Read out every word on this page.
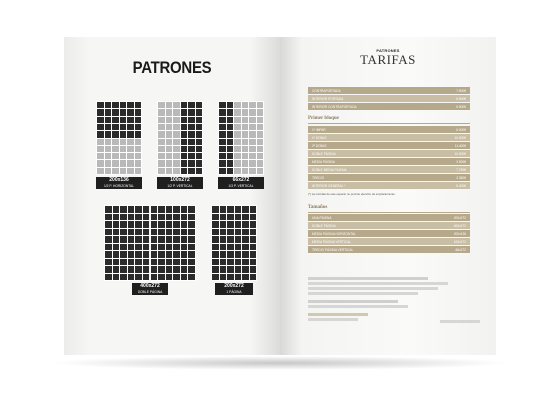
PATRONES
200x136
1/2 P. HORIZONTAL
100x272
1/2 P. VERTICAL
66x272
1/3 P. VERTICAL
400x272
DOBLE PÁGINA
200x272
1 PÁGINA
PATRONES
TARIFAS
CONTRAPORTADA	7.900€
INTERIOR PORTADA	6.900€
INTERIOR CONTRAPORTADA	6.900€
Primer bloque
1ª IMPAR	6.000€
1ª DOBLE	10.000€
2ª DOBLE	11.400€
DOBLE PÁGINA	10.000€
MEDIA PÁGINA	3.900€
DOBLE MEDIA PÁGINA	7.750€
TERCIO	2.350€
INTERIOR GENERAL *	5.400€
(*) La contrata de este espacio no permite elección de emplazamiento.
Tamaños
UNA PÁGINA	200x272
DOBLE PÁGINA	400x272
MEDIA PÁGINA HORIZONTAL	200x136
MEDIA PÁGINA VERTICAL	100x272
TERCIO PÁGINA VERTICAL	66x272
